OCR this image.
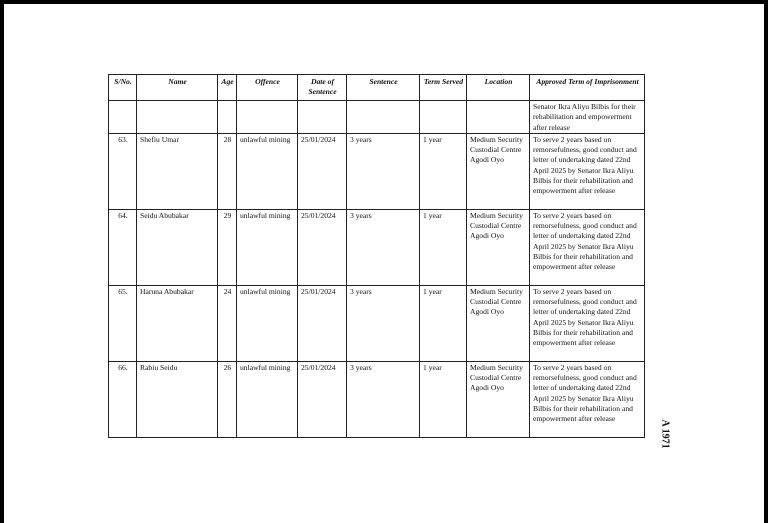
S/No.	Name	Age	Offence	Date of Sentence	Sentence	Term Served	Location	Approved Term of Imprisonment
								Senator Ikra Aliyu Bilbis for their rehabilitation and empowerment after release
63.	Shefiu Umar	28	unlawful mining	25/01/2024	3 years	1 year	Medium Security Custodial Centre Agodi Oyo	To serve 2 years based on remorsefulness, good conduct and letter of undertaking dated 22nd April 2025 by Senator Ikra Aliyu Bilbis for their rehabilitation and empowerment after release
64.	Seidu Abubakar	29	unlawful mining	25/01/2024	3 years	1 year	Medium Security Custodial Centre Agodi Oyo	To serve 2 years based on remorsefulness, good conduct and letter of undertaking dated 22nd April 2025 by Senator Ikra Aliyu Bilbis for their rehabilitation and empowerment after release
65.	Haruna Abubakar	24	unlawful mining	25/01/2024	3 years	1 year	Medium Security Custodial Centre Agodi Oyo	To serve 2 years based on remorsefulness, good conduct and letter of undertaking dated 22nd April 2025 by Senator Ikra Aliyu Bilbis for their rehabilitation and empowerment after release
66.	Rabiu Seidu	26	unlawful mining	25/01/2024	3 years	1 year	Medium Security Custodial Centre Agodi Oyo	To serve 2 years based on remorsefulness, good conduct and letter of undertaking dated 22nd April 2025 by Senator Ikra Aliyu Bilbis for their rehabilitation and empowerment after release
A 1971
